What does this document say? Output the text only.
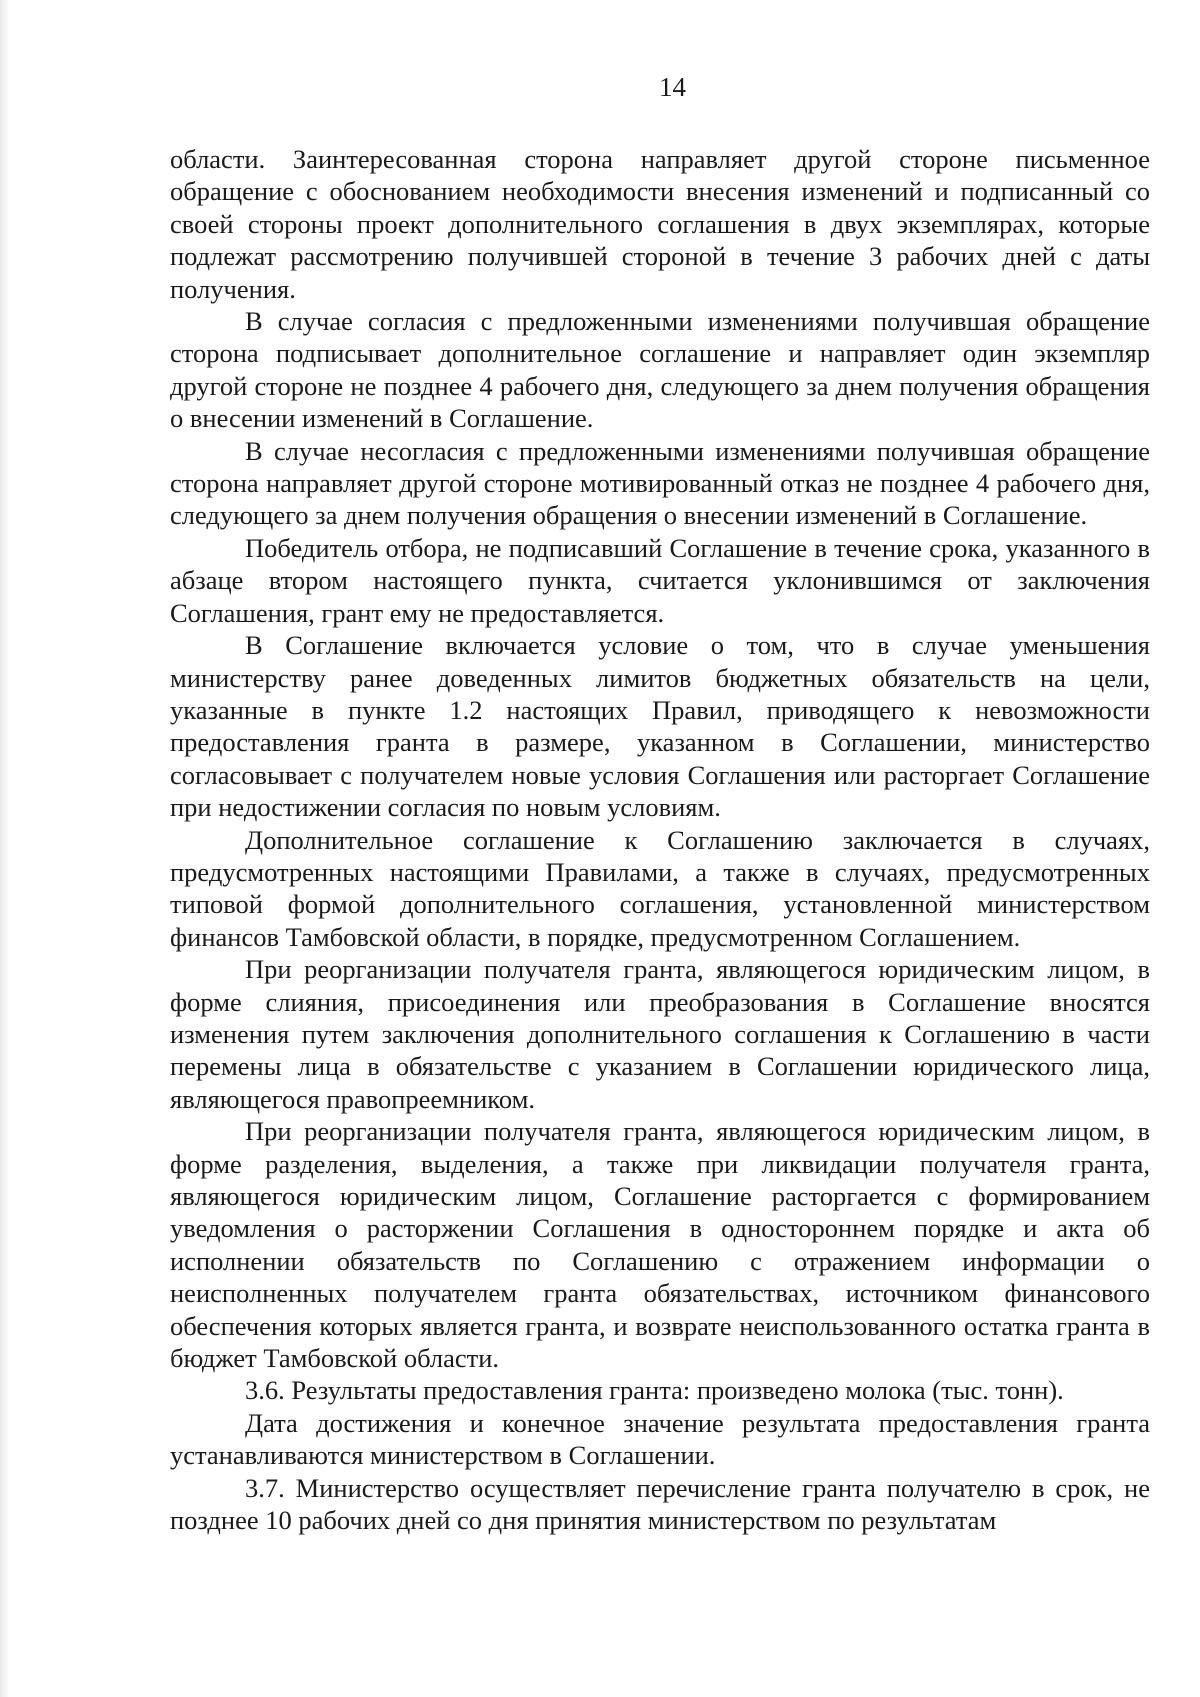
14

области. Заинтересованная сторона направляет другой стороне письменное обращение с обоснованием необходимости внесения изменений и подписанный со своей стороны проект дополнительного соглашения в двух экземплярах, которые подлежат рассмотрению получившей стороной в течение 3 рабочих дней с даты получения.

В случае согласия с предложенными изменениями получившая обращение сторона подписывает дополнительное соглашение и направляет один экземпляр другой стороне не позднее 4 рабочего дня, следующего за днем получения обращения о внесении изменений в Соглашение.

В случае несогласия с предложенными изменениями получившая обращение сторона направляет другой стороне мотивированный отказ не позднее 4 рабочего дня, следующего за днем получения обращения о внесении изменений в Соглашение.

Победитель отбора, не подписавший Соглашение в течение срока, указанного в абзаце втором настоящего пункта, считается уклонившимся от заключения Соглашения, грант ему не предоставляется.

В Соглашение включается условие о том, что в случае уменьшения министерству ранее доведенных лимитов бюджетных обязательств на цели, указанные в пункте 1.2 настоящих Правил, приводящего к невозможности предоставления гранта в размере, указанном в Соглашении, министерство согласовывает с получателем новые условия Соглашения или расторгает Соглашение при недостижении согласия по новым условиям.

Дополнительное соглашение к Соглашению заключается в случаях, предусмотренных настоящими Правилами, а также в случаях, предусмотренных типовой формой дополнительного соглашения, установленной министерством финансов Тамбовской области, в порядке, предусмотренном Соглашением.

При реорганизации получателя гранта, являющегося юридическим лицом, в форме слияния, присоединения или преобразования в Соглашение вносятся изменения путем заключения дополнительного соглашения к Соглашению в части перемены лица в обязательстве с указанием в Соглашении юридического лица, являющегося правопреемником.

При реорганизации получателя гранта, являющегося юридическим лицом, в форме разделения, выделения, а также при ликвидации получателя гранта, являющегося юридическим лицом, Соглашение расторгается с формированием уведомления о расторжении Соглашения в одностороннем порядке и акта об исполнении обязательств по Соглашению с отражением информации о неисполненных получателем гранта обязательствах, источником финансового обеспечения которых является гранта, и возврате неиспользованного остатка гранта в бюджет Тамбовской области.

3.6. Результаты предоставления гранта: произведено молока (тыс. тонн).

Дата достижения и конечное значение результата предоставления гранта устанавливаются министерством в Соглашении.

3.7. Министерство осуществляет перечисление гранта получателю в срок, не позднее 10 рабочих дней со дня принятия министерством по результатам
